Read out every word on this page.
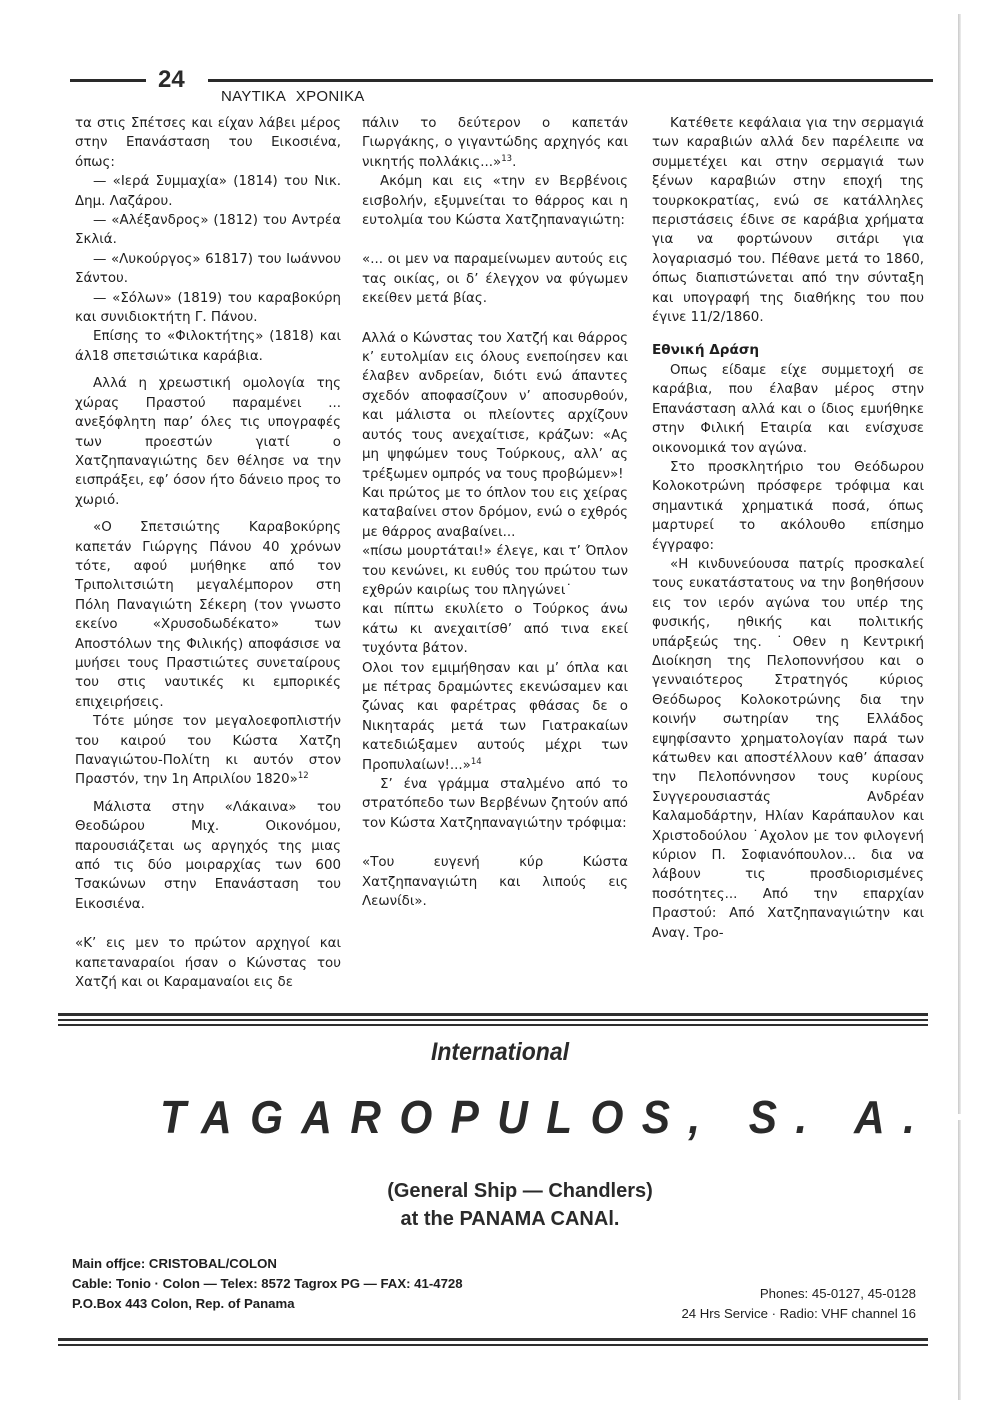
24
ΝΑΥΤΙΚΑ ΧΡΟΝΙΚΑ

τα στις Σπέτσες και είχαν λάβει μέρος στην Επανάσταση του Εικοσιένα, όπως:

— «Ιερά Συμμαχία» (1814) του Νικ. Δημ. Λαζάρου.

— «Αλέξανδρος» (1812) του Αντρέα Σκλιά.

— «Λυκούργος» 61817) του Ιωάννου Σάντου.

— «Σόλων» (1819) του καραβοκύρη και συνιδιοκτήτη Γ. Πάνου.

Επίσης το «Φιλοκτήτης» (1818) και άλ18 σπετσιώτικα καράβια.

Αλλά η χρεωστική ομολογία της χώρας Πραστού παραμένει ... ανεξόφλητη παρ’ όλες τις υπογραφές των προεστών γιατί ο Χατζηπαναγιώτης δεν θέλησε να την εισπράξει, εφ’ όσον ήτο δάνειο προς το χωριό.

«Ο Σπετσιώτης Καραβοκύρης καπετάν Γιώργης Πάνου 40 χρόνων τότε, αφού μυήθηκε από τον Τριπολιτσιώτη μεγαλέμπορον στη Πόλη Παναγιώτη Σέκερη (τον γνωστο εκείνο «Χρυσοδωδέκατο» των Αποστόλων της Φιλικής) αποφάσισε να μυήσει τους Πραστιώτες συνεταίρους του στις ναυτικές κι εμπορικές επιχειρήσεις.

Τότε μύησε τον μεγαλοεφοπλιστήν του καιρού του Κώστα Χατζη Παναγιώτου-Πολίτη κι αυτόν στον Πραστόν, την 1η Απριλίου 1820»$^{12}$

Μάλιστα στην «Λάκαινα» του Θεοδώρου Μιχ. Οικονόμου, παρουσιάζεται ως αργηχός της μιας από τις δύο μοιραρχίας των 600 Τσακώνων στην Επανάσταση του Εικοσιένα.

«Κ’ εις μεν το πρώτον αρχηγοί και καπεταναραίοι ήσαν ο Κώνστας του Χατζή και οι Καραμαναίοι εις δε

πάλιν το δεύτερον ο καπετάν Γιωργάκης, ο γιγαντώδης αρχηγός και νικητής πολλάκις...»$^{13}$.

Ακόμη και εις «την εν Βερβένοις εισβολήν, εξυμνείται το θάρρος και η ευτολμία του Κώστα Χατζηπαναγιώτη:

«... οι μεν να παραμείνωμεν αυτούς εις τας οικίας, οι δ’ έλεγχον να φύγωμεν εκείθεν μετά βίας.

Αλλά ο Κώνστας του Χατζή και θάρρος κ’ ευτολμίαν εις όλους ενεποίησεν και έλαβεν ανδρείαν, διότι ενώ άπαντες σχεδόν αποφασίζουν ν’ αποσυρθούν, και μάλιστα οι πλείοντες αρχίζουν αυτός τους ανεχαίτισε, κράζων: «Ας μη ψηφώμεν τους Τούρκους, αλλ’ ας τρέξωμεν ομπρός να τους προβώμεν»!

Και πρώτος με το όπλον του εις χείρας καταβαίνει στον δρόμον, ενώ ο εχθρός με θάρρος αναβαίνει...

«πίσω μουρτάται!» έλεγε, και τ’ Όπλον του κενώνει, κι ευθύς του πρώτου των εχθρών καιρίως του πληγώνει˙

και πίπτω εκυλίετο ο Τούρκος άνω κάτω κι ανεχαιτίσθ’ από τινα εκεί τυχόντα βάτον.

Ολοι τον εμιμήθησαν και μ’ όπλα και με πέτρας δραμώντες εκενώσαμεν και ζώνας και φαρέτρας φθάσας δε ο Νικηταράς μετά των Γιατρακαίων κατεδιώξαμεν αυτούς μέχρι των Προπυλαίων!...»$^{14}$

Σ’ ένα γράμμα σταλμένο από το στρατόπεδο των Βερβένων ζητούν από τον Κώστα Χατζηπαναγιώτην τρόφιμα:

«Του ευγενή κύρ Κώστα Χατζηπαναγιώτη και λιπούς εις Λεωνίδι».

Κατέθετε κεφάλαια για την σερμαγιά των καραβιών αλλά δεν παρέλειπε να συμμετέχει και στην σερμαγιά των ξένων καραβιών στην εποχή της τουρκοκρατίας, ενώ σε κατάλληλες περιστάσεις έδινε σε καράβια χρήματα για να φορτώνουν σιτάρι για λογαριασμό του. Πέθανε μετά το 1860, όπως διαπιστώνεται από την σύνταξη και υπογραφή της διαθήκης του που έγινε 11/2/1860.

Εθνική Δράση

Οπως είδαμε είχε συμμετοχή σε καράβια, που έλαβαν μέρος στην Επανάσταση αλλά και ο ίδιος εμυήθηκε στην Φιλική Εταιρία και ενίσχυσε οικονομικά τον αγώνα.

Στο προσκλητήριο του Θεόδωρου Κολοκοτρώνη πρόσφερε τρόφιμα και σημαντικά χρηματικά ποσά, όπως μαρτυρεί το ακόλουθο επίσημο έγγραφο:

«Η κινδυνεύουσα πατρίς προσκαλεί τους ευκατάστατους να την βοηθήσουν εις τον ιερόν αγώνα του υπέρ της φυσικής, ηθικής και πολιτικής υπάρξεώς της. ˙Οθεν η Κεντρική Διοίκηση της Πελοποννήσου και ο γενναιότερος Στρατηγός κύριος Θεόδωρος Κολοκοτρώνης δια την κοινήν σωτηρίαν της Ελλάδος εψηφίσαντο χρηματολογίαν παρά των κάτωθεν και αποστέλλουν καθ’ άπασαν την Πελοπόννησον τους κυρίους Συγγερουσιαστάς Ανδρέαν Καλαμοδάρτην, Ηλίαν Καράπαυλον και Χριστοδούλου ˙Αχολον με τον φιλογενή κύριον Π. Σοφιανόπουλον... δια να λάβουν τις προσδιορισμένες ποσότητες... Από την επαρχίαν Πραστού: Από Χατζηπαναγιώτην και Αναγ. Τρο-

International
TAGAROPULOS, S. A.
(General Ship — Chandlers)
at the PANAMA CANAl.
Main offjce: CRISTOBAL/COLON
Cable: Tonio · Colon — Telex: 8572 Tagrox PG — FAX: 41-4728
P.O.Box 443 Colon, Rep. of Panama
Phones: 45-0127, 45-0128
24 Hrs Service · Radio: VHF channel 16
